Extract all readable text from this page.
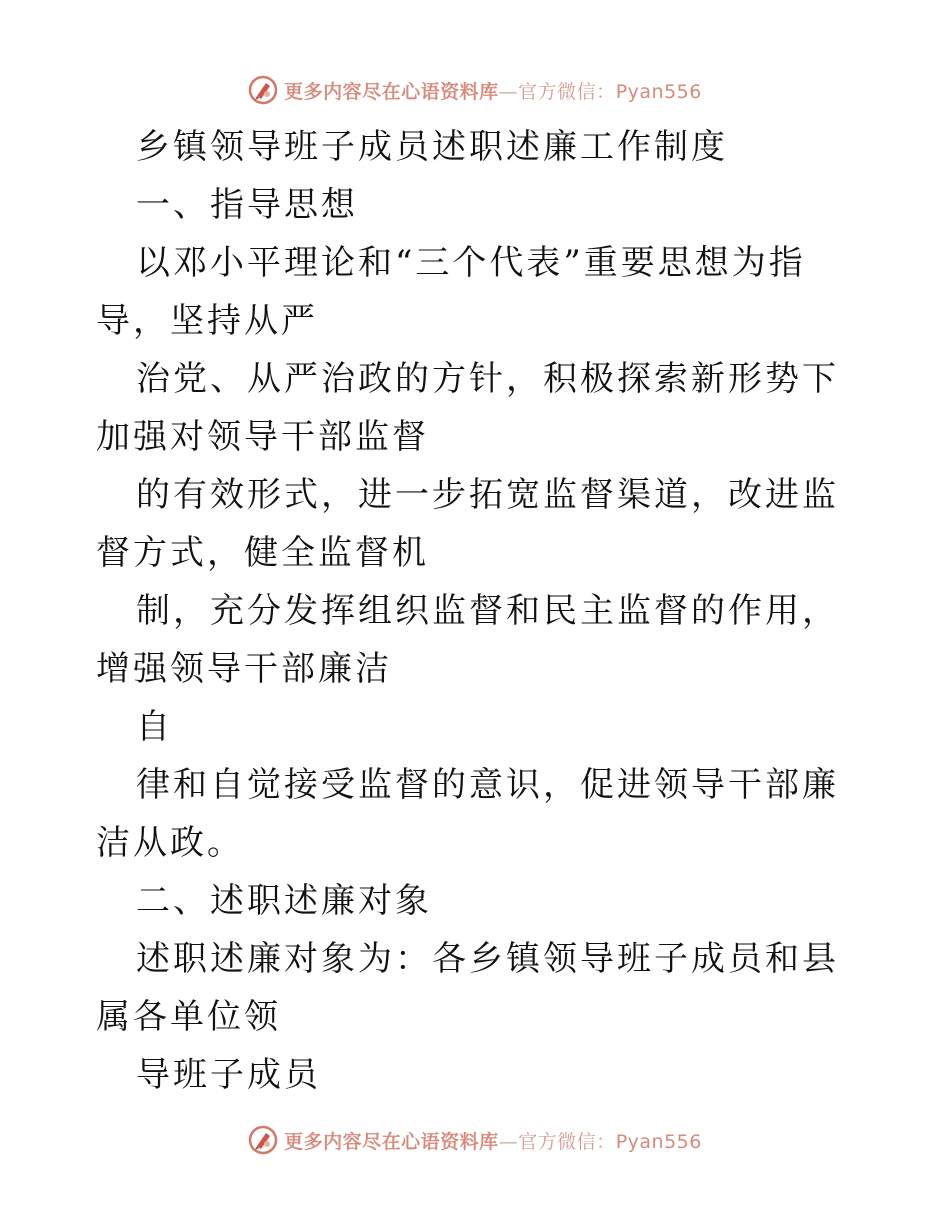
更多内容尽在心语资料库—官方微信：Pyan556

乡镇领导班子成员述职述廉工作制度

一、指导思想

以邓小平理论和“三个代表”重要思想为指导，坚持从严

治党、从严治政的方针，积极探索新形势下加强对领导干部监督

的有效形式，进一步拓宽监督渠道，改进监督方式，健全监督机

制，充分发挥组织监督和民主监督的作用，增强领导干部廉洁

自

律和自觉接受监督的意识，促进领导干部廉洁从政。

二、述职述廉对象

述职述廉对象为：各乡镇领导班子成员和县属各单位领

导班子成员

更多内容尽在心语资料库—官方微信：Pyan556
